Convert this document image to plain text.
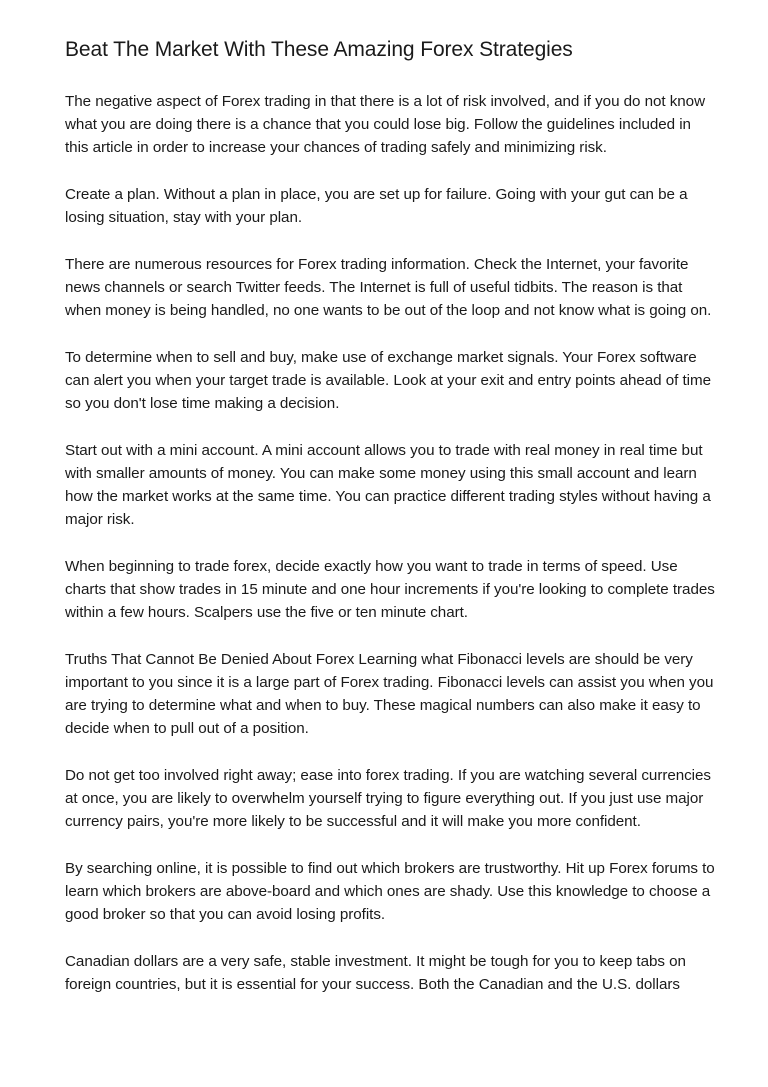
Beat The Market With These Amazing Forex Strategies

The negative aspect of Forex trading in that there is a lot of risk involved, and if you do not know what you are doing there is a chance that you could lose big. Follow the guidelines included in this article in order to increase your chances of trading safely and minimizing risk.

Create a plan. Without a plan in place, you are set up for failure. Going with your gut can be a losing situation, stay with your plan.

There are numerous resources for Forex trading information. Check the Internet, your favorite news channels or search Twitter feeds. The Internet is full of useful tidbits. The reason is that when money is being handled, no one wants to be out of the loop and not know what is going on.

To determine when to sell and buy, make use of exchange market signals. Your Forex software can alert you when your target trade is available. Look at your exit and entry points ahead of time so you don't lose time making a decision.

Start out with a mini account. A mini account allows you to trade with real money in real time but with smaller amounts of money. You can make some money using this small account and learn how the market works at the same time. You can practice different trading styles without having a major risk.

When beginning to trade forex, decide exactly how you want to trade in terms of speed. Use charts that show trades in 15 minute and one hour increments if you're looking to complete trades within a few hours. Scalpers use the five or ten minute chart.

Truths That Cannot Be Denied About Forex Learning what Fibonacci levels are should be very important to you since it is a large part of Forex trading. Fibonacci levels can assist you when you are trying to determine what and when to buy. These magical numbers can also make it easy to decide when to pull out of a position.

Do not get too involved right away; ease into forex trading. If you are watching several currencies at once, you are likely to overwhelm yourself trying to figure everything out. If you just use major currency pairs, you're more likely to be successful and it will make you more confident.

By searching online, it is possible to find out which brokers are trustworthy. Hit up Forex forums to learn which brokers are above-board and which ones are shady. Use this knowledge to choose a good broker so that you can avoid losing profits.

Canadian dollars are a very safe, stable investment. It might be tough for you to keep tabs on foreign countries, but it is essential for your success. Both the Canadian and the U.S. dollars
